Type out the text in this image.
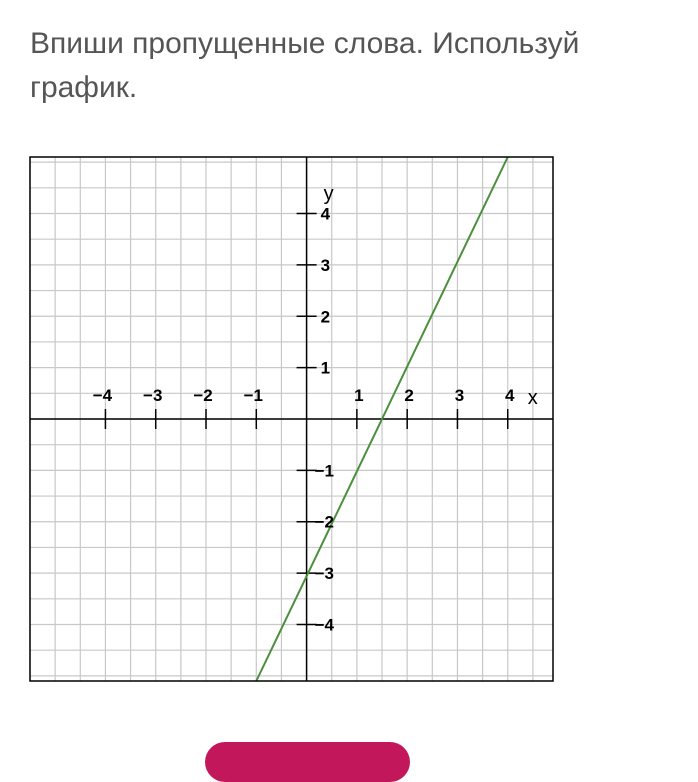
Впиши пропущенные слова. Используй график.
−4 −3 −2 −1	1 2 3 4
4
3
2
1
−1
−2
−3
−4
x
y
